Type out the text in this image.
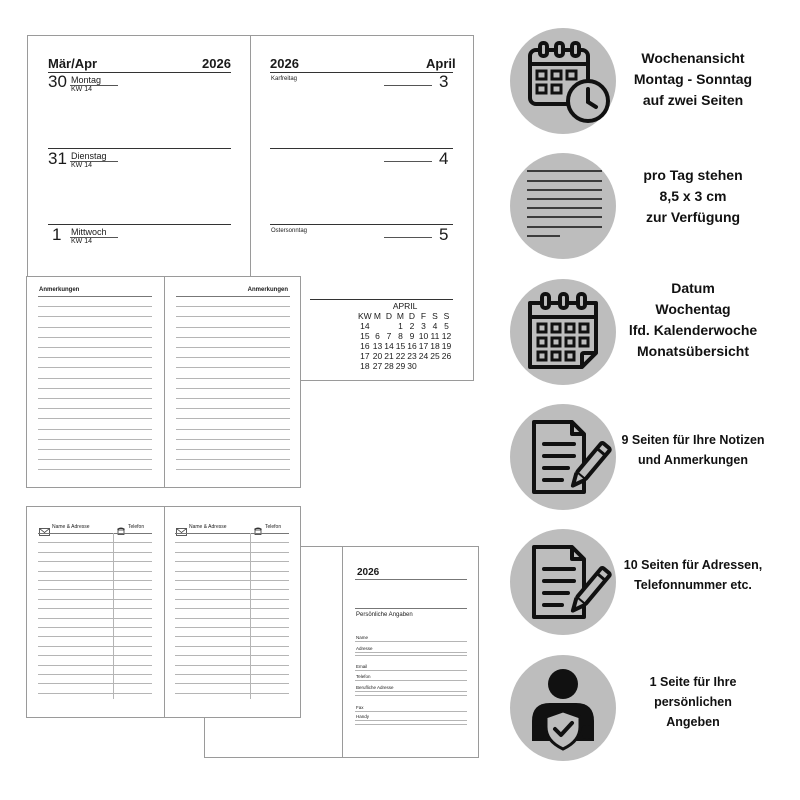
Mär/Apr	2026	2026	April
30 Montag
KW 14
31 Dienstag
KW 14
1 Mittwoch
KW 14
Karfreitag	3
4
Ostersonntag	5
APRIL
KW	M	D	M	D	F	S	S
14			1	2	3	4	5
15	6	7	8	9	10	11	12
16	13	14	15	16	17	18	19
17	20	21	22	23	24	25	26
18	27	28	29	30			
Anmerkungen	Anmerkungen
Name & Adresse	Telefon	Name & Adresse	Telefon
2026
Persönliche Angaben
Name
Adresse
Email
Telefon
Berufliche Adresse
Fax
Handy
Wochenansicht
Montag - Sonntag
auf zwei Seiten
pro Tag stehen
8,5 x 3 cm
zur Verfügung
Datum
Wochentag
lfd. Kalenderwoche
Monatsübersicht
9 Seiten für Ihre Notizen
und Anmerkungen
10 Seiten für Adressen,
Telefonnummer etc.
1 Seite für Ihre
persönlichen
Angeben
